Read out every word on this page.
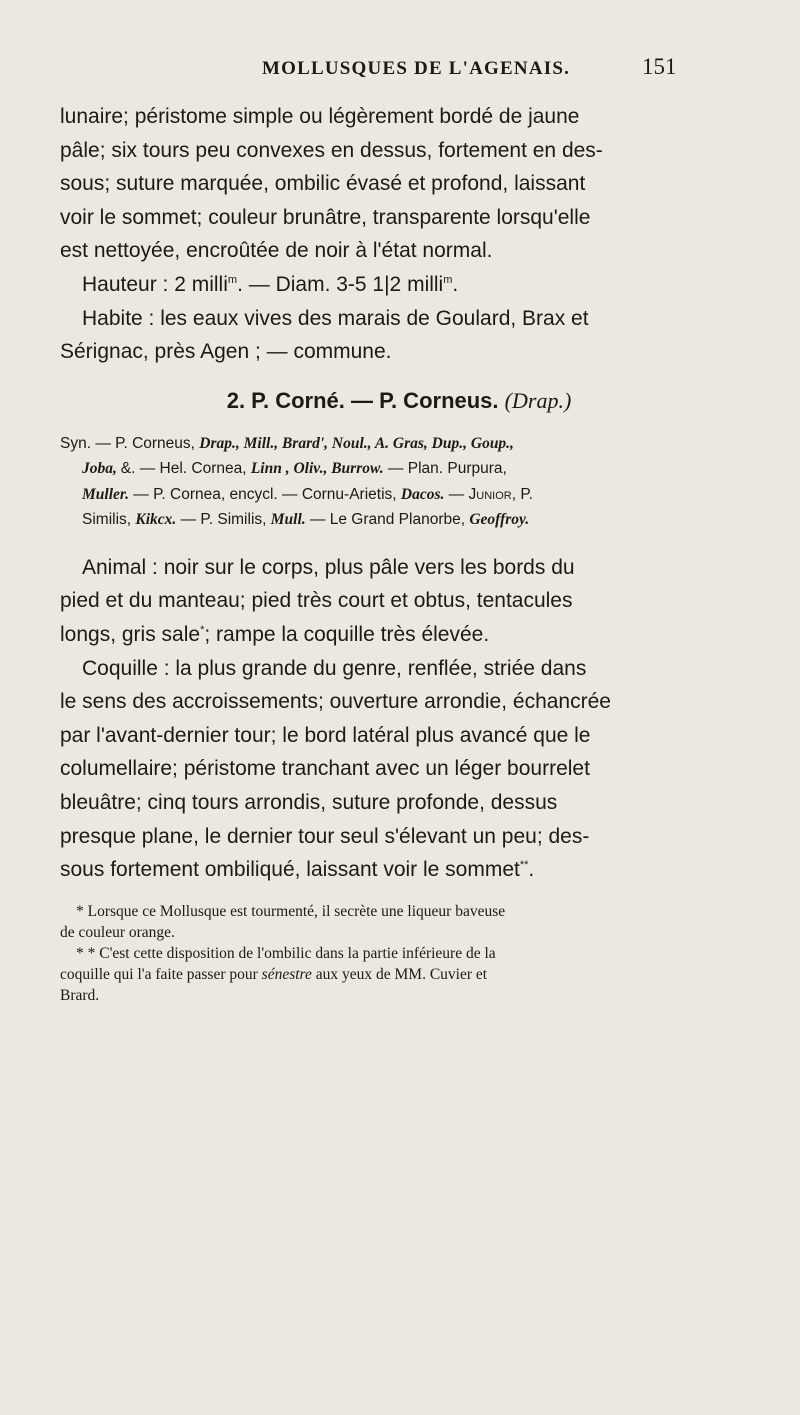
MOLLUSQUES DE L'AGENAIS.	151
lunaire; péristome simple ou légèrement bordé de jaune
pâle; six tours peu convexes en dessus, fortement en des-
sous; suture marquée, ombilic évasé et profond, laissant
voir le sommet; couleur brunâtre, transparente lorsqu'elle
est nettoyée, encroûtée de noir à l'état normal.
Hauteur : 2 milli$^m$. — Diam. 3-5 1|2 milli$^m$.
Habite : les eaux vives des marais de Goulard, Brax et
Sérignac, près Agen ; — commune.
2. P. Corné. — P. Corneus. (Drap.)
Syn. — P. Corneus, Drap., Mill., Brard', Noul., A. Gras, Dup., Goup.,
Joba, &. — Hel. Cornea, Linn , Oliv., Burrow. — Plan. Purpura,
Muller. — P. Cornea, encycl. — Cornu-Arietis, Dacos. — Junior, P.
Similis, Kikcx. — P. Similis, Mull. — Le Grand Planorbe, Geoffroy.
Animal : noir sur le corps, plus pâle vers les bords du
pied et du manteau; pied très court et obtus, tentacules
longs, gris sale*; rampe la coquille très élevée.
Coquille : la plus grande du genre, renflée, striée dans
le sens des accroissements; ouverture arrondie, échancrée
par l'avant-dernier tour; le bord latéral plus avancé que le
columellaire; péristome tranchant avec un léger bourrelet
bleuâtre; cinq tours arrondis, suture profonde, dessus
presque plane, le dernier tour seul s'élevant un peu; des-
sous fortement ombiliqué, laissant voir le sommet**.
* Lorsque ce Mollusque est tourmenté, il secrète une liqueur baveuse
de couleur orange.
* * C'est cette disposition de l'ombilic dans la partie inférieure de la
coquille qui l'a faite passer pour sénestre aux yeux de MM. Cuvier et
Brard.
